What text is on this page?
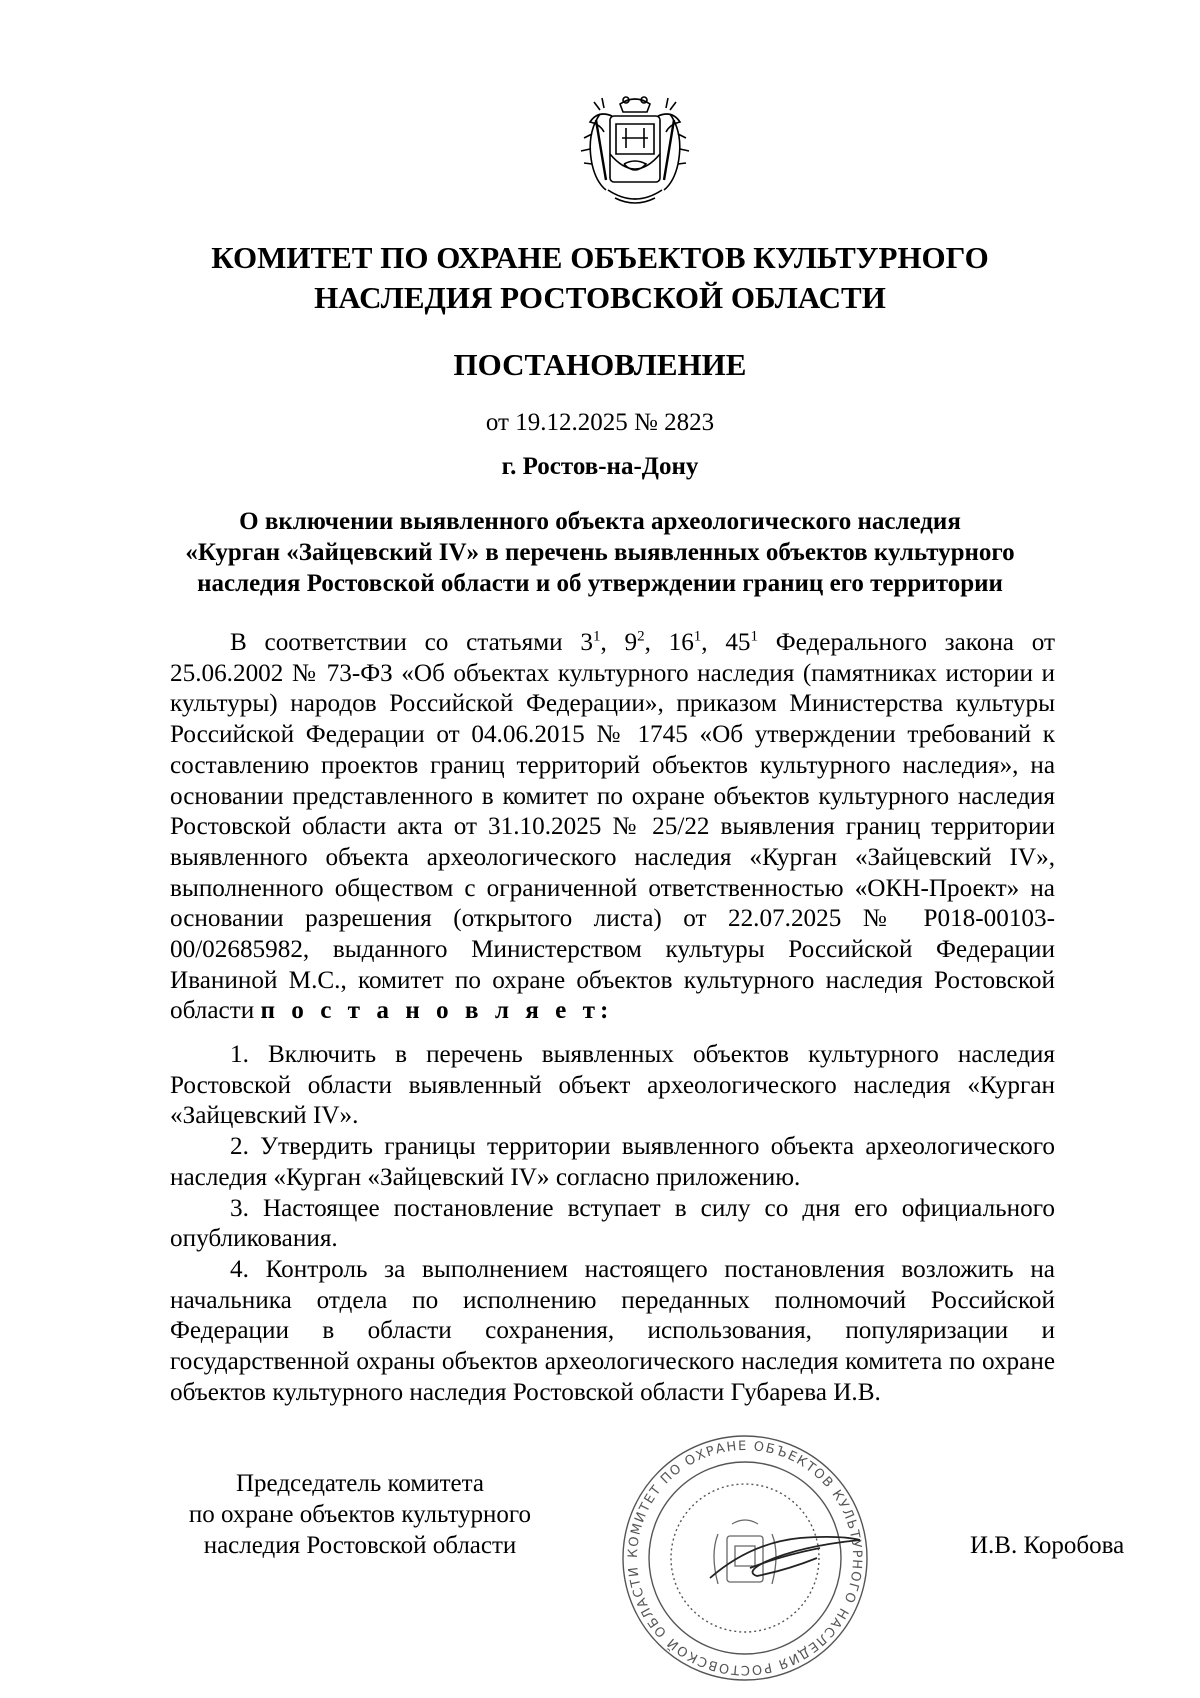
КОМИТЕТ ПО ОХРАНЕ ОБЪЕКТОВ КУЛЬТУРНОГО
НАСЛЕДИЯ РОСТОВСКОЙ ОБЛАСТИ
ПОСТАНОВЛЕНИЕ
от 19.12.2025 № 2823
г. Ростов-на-Дону
О включении выявленного объекта археологического наследия
«Курган «Зайцевский IV» в перечень выявленных объектов культурного
наследия Ростовской области и об утверждении границ его территории

В соответствии со статьями $3^1$, $9^2$, $16^1$, $45^1$ Федерального закона от 25.06.2002 № 73-ФЗ «Об объектах культурного наследия (памятниках истории и культуры) народов Российской Федерации», приказом Министерства культуры Российской Федерации от 04.06.2015 № 1745 «Об утверждении требований к составлению проектов границ территорий объектов культурного наследия», на основании представленного в комитет по охране объектов культурного наследия Ростовской области акта от 31.10.2025 № 25/22 выявления границ территории выявленного объекта археологического наследия «Курган «Зайцевский IV», выполненного обществом с ограниченной ответственностью «ОКН-Проект» на основании разрешения (открытого листа) от 22.07.2025 № Р018-00103-00/02685982, выданного Министерством культуры Российской Федерации Иваниной М.С., комитет по охране объектов культурного наследия Ростовской области п о с т а н о в л я е т:

1. Включить в перечень выявленных объектов культурного наследия Ростовской области выявленный объект археологического наследия «Курган «Зайцевский IV».

2. Утвердить границы территории выявленного объекта археологического наследия «Курган «Зайцевский IV» согласно приложению.

3. Настоящее постановление вступает в силу со дня его официального опубликования.

4. Контроль за выполнением настоящего постановления возложить на начальника отдела по исполнению переданных полномочий Российской Федерации в области сохранения, использования, популяризации и государственной охраны объектов археологического наследия комитета по охране объектов культурного наследия Ростовской области Губарева И.В.

Председатель комитета
по охране объектов культурного
наследия Ростовской области	КОМИТЕТ ПО ОХРАНЕ ОБЪЕКТОВ КУЛЬТУРНОГО НАСЛЕДИЯ РОСТОВСКОЙ ОБЛАСТИ
И.В. Коробова
